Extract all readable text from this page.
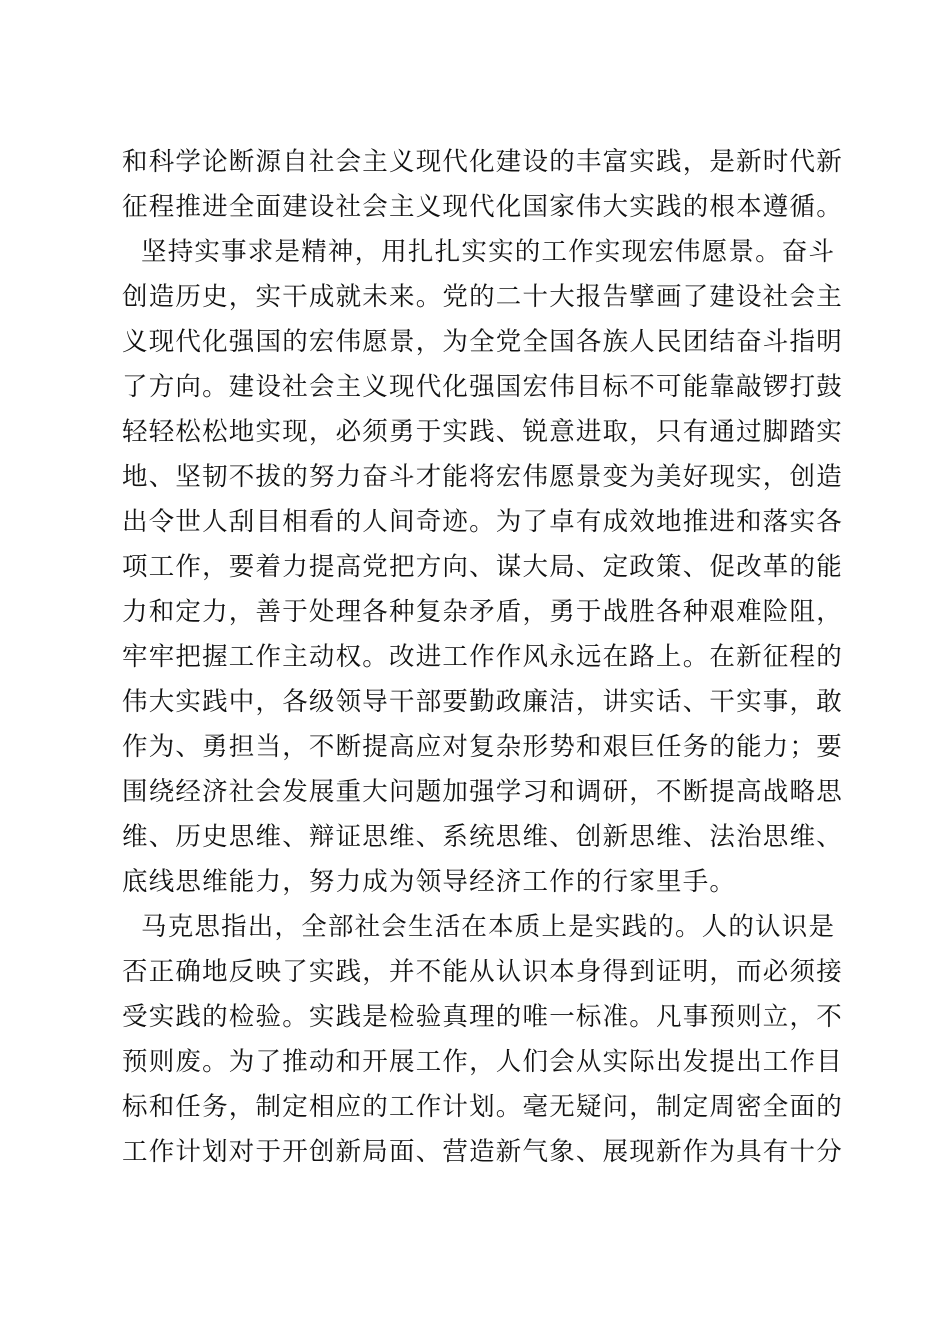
和科学论断源自社会主义现代化建设的丰富实践，是新时代新
征程推进全面建设社会主义现代化国家伟大实践的根本遵循。
坚持实事求是精神，用扎扎实实的工作实现宏伟愿景。奋斗
创造历史，实干成就未来。党的二十大报告擘画了建设社会主
义现代化强国的宏伟愿景，为全党全国各族人民团结奋斗指明
了方向。建设社会主义现代化强国宏伟目标不可能靠敲锣打鼓
轻轻松松地实现，必须勇于实践、锐意进取，只有通过脚踏实
地、坚韧不拔的努力奋斗才能将宏伟愿景变为美好现实，创造
出令世人刮目相看的人间奇迹。为了卓有成效地推进和落实各
项工作，要着力提高党把方向、谋大局、定政策、促改革的能
力和定力，善于处理各种复杂矛盾，勇于战胜各种艰难险阻，
牢牢把握工作主动权。改进工作作风永远在路上。在新征程的
伟大实践中，各级领导干部要勤政廉洁，讲实话、干实事，敢
作为、勇担当，不断提高应对复杂形势和艰巨任务的能力；要
围绕经济社会发展重大问题加强学习和调研，不断提高战略思
维、历史思维、辩证思维、系统思维、创新思维、法治思维、
底线思维能力，努力成为领导经济工作的行家里手。
马克思指出，全部社会生活在本质上是实践的。人的认识是
否正确地反映了实践，并不能从认识本身得到证明，而必须接
受实践的检验。实践是检验真理的唯一标准。凡事预则立，不
预则废。为了推动和开展工作，人们会从实际出发提出工作目
标和任务，制定相应的工作计划。毫无疑问，制定周密全面的
工作计划对于开创新局面、营造新气象、展现新作为具有十分
